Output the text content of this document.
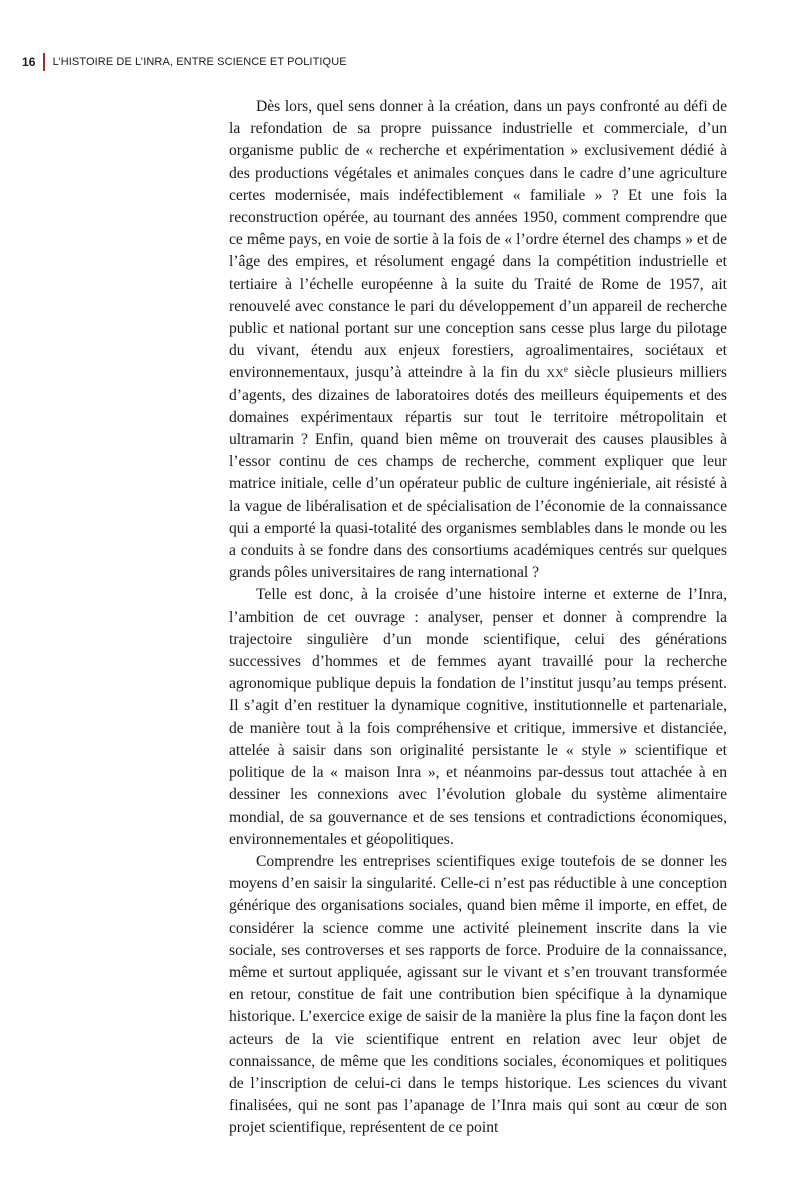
16 L’HISTOIRE DE L’INRA, ENTRE SCIENCE ET POLITIQUE

Dès lors, quel sens donner à la création, dans un pays confronté au défi de la refondation de sa propre puissance industrielle et commerciale, d’un organisme public de « recherche et expérimentation » exclusivement dédié à des productions végétales et animales conçues dans le cadre d’une agriculture certes modernisée, mais indéfectiblement « familiale » ? Et une fois la reconstruction opérée, au tournant des années 1950, comment comprendre que ce même pays, en voie de sortie à la fois de « l’ordre éternel des champs » et de l’âge des empires, et résolument engagé dans la compétition industrielle et tertiaire à l’échelle européenne à la suite du Traité de Rome de 1957, ait renouvelé avec constance le pari du développement d’un appareil de recherche public et national portant sur une conception sans cesse plus large du pilotage du vivant, étendu aux enjeux forestiers, agroalimentaires, sociétaux et environnementaux, jusqu’à atteindre à la fin du XXe siècle plusieurs milliers d’agents, des dizaines de laboratoires dotés des meilleurs équipements et des domaines expérimentaux répartis sur tout le territoire métropolitain et ultramarin ? Enfin, quand bien même on trouverait des causes plausibles à l’essor continu de ces champs de recherche, comment expliquer que leur matrice initiale, celle d’un opérateur public de culture ingénieriale, ait résisté à la vague de libéralisation et de spécialisation de l’économie de la connaissance qui a emporté la quasi-totalité des organismes semblables dans le monde ou les a conduits à se fondre dans des consortiums académiques centrés sur quelques grands pôles universitaires de rang international ?

Telle est donc, à la croisée d’une histoire interne et externe de l’Inra, l’ambition de cet ouvrage : analyser, penser et donner à comprendre la trajectoire singulière d’un monde scientifique, celui des générations successives d’hommes et de femmes ayant travaillé pour la recherche agronomique publique depuis la fondation de l’institut jusqu’au temps présent. Il s’agit d’en restituer la dynamique cognitive, institutionnelle et partenariale, de manière tout à la fois compréhensive et critique, immersive et distanciée, attelée à saisir dans son originalité persistante le « style » scientifique et politique de la « maison Inra », et néanmoins par-dessus tout attachée à en dessiner les connexions avec l’évolution globale du système alimentaire mondial, de sa gouvernance et de ses tensions et contradictions économiques, environnementales et géopolitiques.

Comprendre les entreprises scientifiques exige toutefois de se donner les moyens d’en saisir la singularité. Celle-ci n’est pas réductible à une conception générique des organisations sociales, quand bien même il importe, en effet, de considérer la science comme une activité pleinement inscrite dans la vie sociale, ses controverses et ses rapports de force. Produire de la connaissance, même et surtout appliquée, agissant sur le vivant et s’en trouvant transformée en retour, constitue de fait une contribution bien spécifique à la dynamique historique. L’exercice exige de saisir de la manière la plus fine la façon dont les acteurs de la vie scientifique entrent en relation avec leur objet de connaissance, de même que les conditions sociales, économiques et politiques de l’inscription de celui-ci dans le temps historique. Les sciences du vivant finalisées, qui ne sont pas l’apanage de l’Inra mais qui sont au cœur de son projet scientifique, représentent de ce point
